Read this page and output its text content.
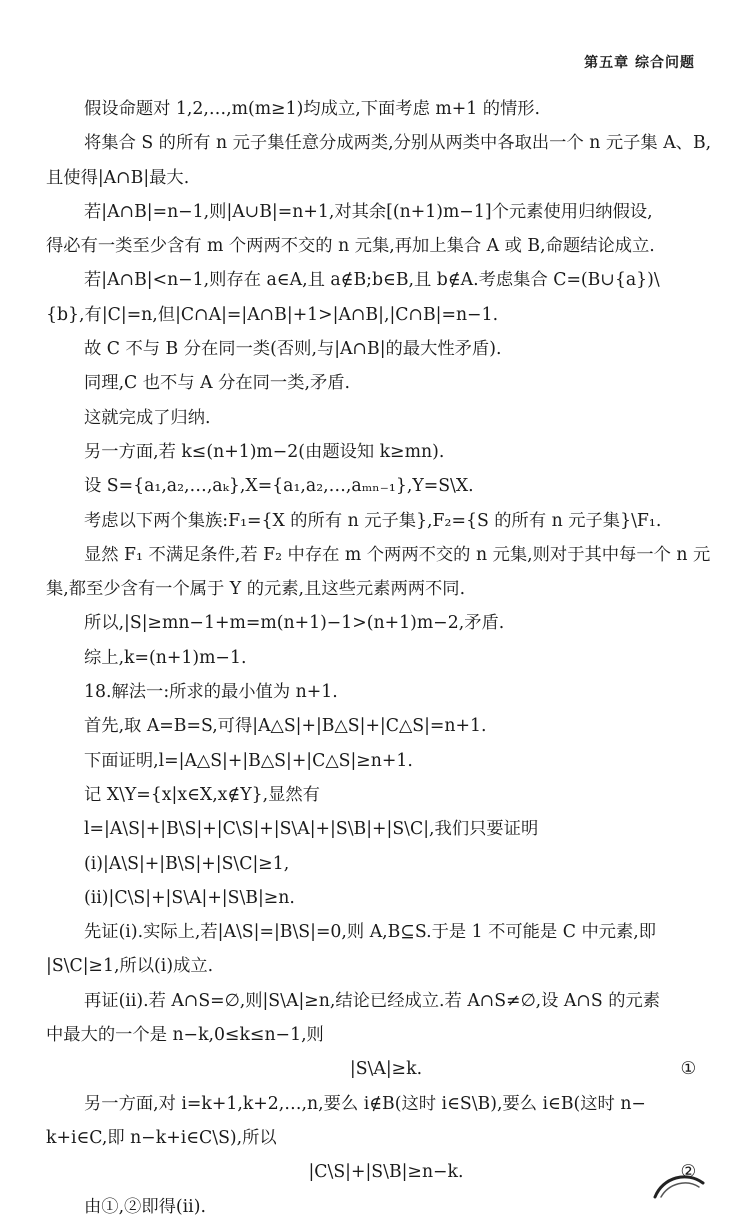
第五章 综合问题
假设命题对 1,2,…,m(m≥1)均成立,下面考虑 m+1 的情形.
将集合 S 的所有 n 元子集任意分成两类,分别从两类中各取出一个 n 元子集 A、B,
且使得|A∩B|最大.
若|A∩B|=n−1,则|A∪B|=n+1,对其余[(n+1)m−1]个元素使用归纳假设,
得必有一类至少含有 m 个两两不交的 n 元集,再加上集合 A 或 B,命题结论成立.
若|A∩B|<n−1,则存在 a∈A,且 a∉B;b∈B,且 b∉A.考虑集合 C=(B∪{a})\
{b},有|C|=n,但|C∩A|=|A∩B|+1>|A∩B|,|C∩B|=n−1.
故 C 不与 B 分在同一类(否则,与|A∩B|的最大性矛盾).
同理,C 也不与 A 分在同一类,矛盾.
这就完成了归纳.
另一方面,若 k≤(n+1)m−2(由题设知 k≥mn).
设 S={a₁,a₂,…,aₖ},X={a₁,a₂,…,aₘₙ₋₁},Y=S\X.
考虑以下两个集族:F₁={X 的所有 n 元子集},F₂={S 的所有 n 元子集}\F₁.
显然 F₁ 不满足条件,若 F₂ 中存在 m 个两两不交的 n 元集,则对于其中每一个 n 元
集,都至少含有一个属于 Y 的元素,且这些元素两两不同.
所以,|S|≥mn−1+m=m(n+1)−1>(n+1)m−2,矛盾.
综上,k=(n+1)m−1.
18.解法一:所求的最小值为 n+1.
首先,取 A=B=S,可得|A△S|+|B△S|+|C△S|=n+1.
下面证明,l=|A△S|+|B△S|+|C△S|≥n+1.
记 X\Y={x|x∈X,x∉Y},显然有
l=|A\S|+|B\S|+|C\S|+|S\A|+|S\B|+|S\C|,我们只要证明
(i)|A\S|+|B\S|+|S\C|≥1,
(ii)|C\S|+|S\A|+|S\B|≥n.
先证(i).实际上,若|A\S|=|B\S|=0,则 A,B⊆S.于是 1 不可能是 C 中元素,即
|S\C|≥1,所以(i)成立.
再证(ii).若 A∩S=∅,则|S\A|≥n,结论已经成立.若 A∩S≠∅,设 A∩S 的元素
中最大的一个是 n−k,0≤k≤n−1,则
|S\A|≥k.	①
另一方面,对 i=k+1,k+2,…,n,要么 i∉B(这时 i∈S\B),要么 i∈B(这时 n−
k+i∈C,即 n−k+i∈C\S),所以
|C\S|+|S\B|≥n−k.	②
由①,②即得(ii).
